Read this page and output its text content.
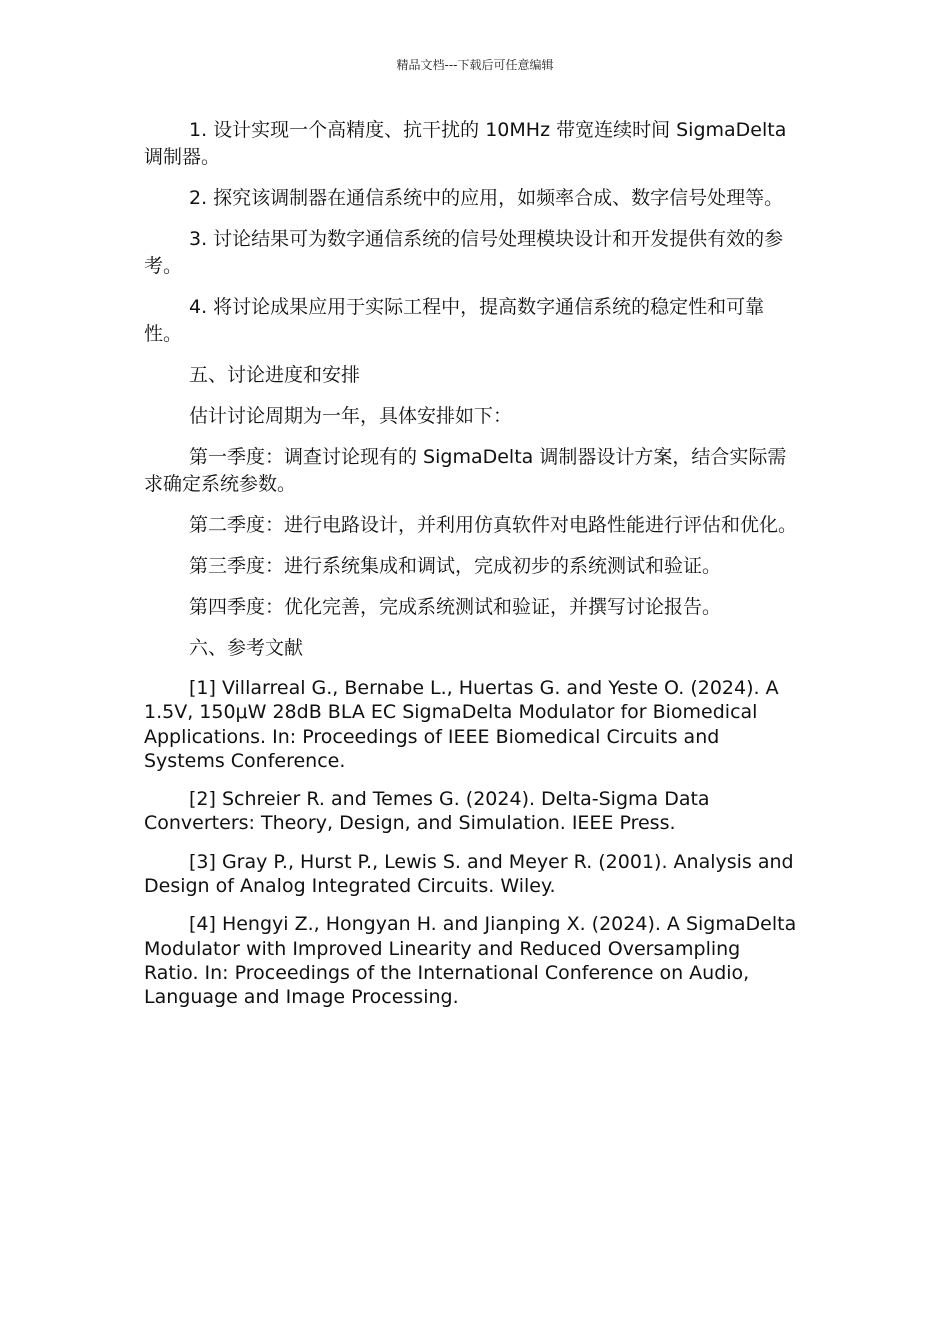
精品文档---下载后可任意编辑

1. 设计实现一个高精度、抗干扰的 10MHz 带宽连续时间 SigmaDelta 调制器。

2. 探究该调制器在通信系统中的应用，如频率合成、数字信号处理等。

3. 讨论结果可为数字通信系统的信号处理模块设计和开发提供有效的参考。

4. 将讨论成果应用于实际工程中，提高数字通信系统的稳定性和可靠性。

五、讨论进度和安排

估计讨论周期为一年，具体安排如下：

第一季度：调查讨论现有的 SigmaDelta 调制器设计方案，结合实际需求确定系统参数。

第二季度：进行电路设计，并利用仿真软件对电路性能进行评估和优化。

第三季度：进行系统集成和调试，完成初步的系统测试和验证。

第四季度：优化完善，完成系统测试和验证，并撰写讨论报告。

六、参考文献

[1] Villarreal G., Bernabe L., Huertas G. and Yeste O. (2024). A 1.5V, 150μW 28dB BLA EC SigmaDelta Modulator for Biomedical Applications. In: Proceedings of IEEE Biomedical Circuits and Systems Conference.

[2] Schreier R. and Temes G. (2024). Delta-Sigma Data Converters: Theory, Design, and Simulation. IEEE Press.

[3] Gray P., Hurst P., Lewis S. and Meyer R. (2001). Analysis and Design of Analog Integrated Circuits. Wiley.

[4] Hengyi Z., Hongyan H. and Jianping X. (2024). A SigmaDelta Modulator with Improved Linearity and Reduced Oversampling Ratio. In: Proceedings of the International Conference on Audio, Language and Image Processing.
